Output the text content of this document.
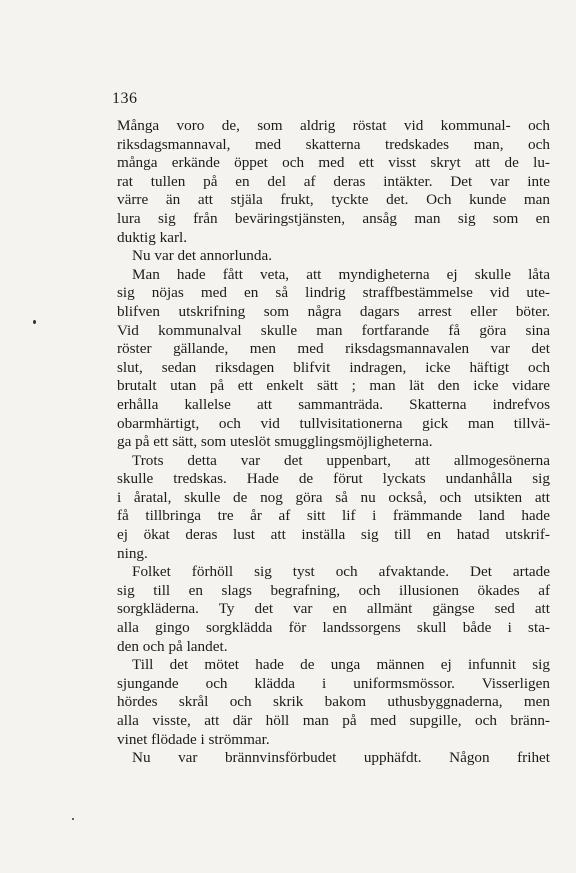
136
Många voro de, som aldrig röstat vid kommunal- och
riksdagsmannaval, med skatterna tredskades man, och
många erkände öppet och med ett visst skryt att de lu-
rat tullen på en del af deras intäkter. Det var inte
värre än att stjäla frukt, tyckte det. Och kunde man
lura sig från beväringstjänsten, ansåg man sig som en
duktig karl.
Nu var det annorlunda.
Man hade fått veta, att myndigheterna ej skulle låta
sig nöjas med en så lindrig straffbestämmelse vid ute-
blifven utskrifning som några dagars arrest eller böter.
Vid kommunalval skulle man fortfarande få göra sina
röster gällande, men med riksdagsmannavalen var det
slut, sedan riksdagen blifvit indragen, icke häftigt och
brutalt utan på ett enkelt sätt ; man lät den icke vidare
erhålla kallelse att sammanträda. Skatterna indrefvos
obarmhärtigt, och vid tullvisitationerna gick man tillvä-
ga på ett sätt, som uteslöt smugglingsmöjligheterna.
Trots detta var det uppenbart, att allmogesönerna
skulle tredskas. Hade de förut lyckats undanhålla sig
i åratal, skulle de nog göra så nu också, och utsikten att
få tillbringa tre år af sitt lif i främmande land hade
ej ökat deras lust att inställa sig till en hatad utskrif-
ning.
Folket förhöll sig tyst och afvaktande. Det artade
sig till en slags begrafning, och illusionen ökades af
sorgkläderna. Ty det var en allmänt gängse sed att
alla gingo sorgklädda för landssorgens skull både i sta-
den och på landet.
Till det mötet hade de unga männen ej infunnit sig
sjungande och klädda i uniformsmössor. Visserligen
hördes skrål och skrik bakom uthusbyggnaderna, men
alla visste, att där höll man på med supgille, och bränn-
vinet flödade i strömmar.
Nu var brännvinsförbudet upphäfdt. Någon frihet
